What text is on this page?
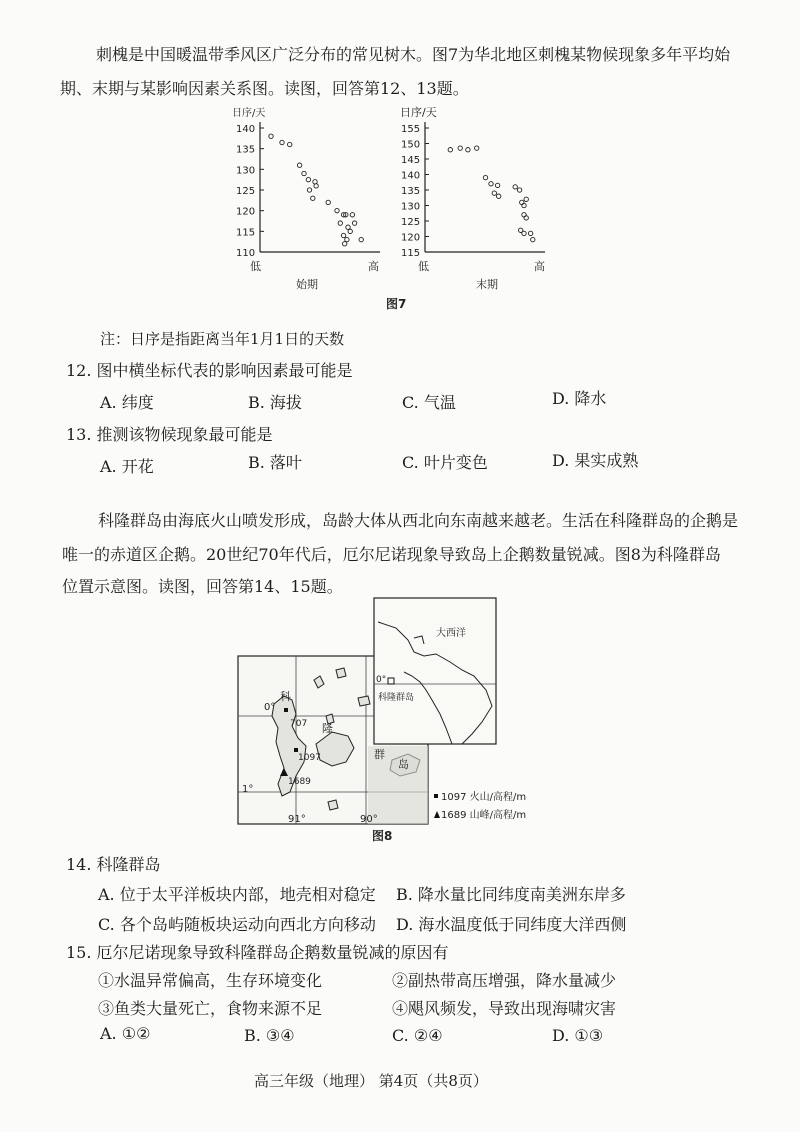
刺槐是中国暖温带季风区广泛分布的常见树木。图7为华北地区刺槐某物候现象多年平均始
期、末期与某影响因素关系图。读图，回答第12、13题。
日序/天
140
135
130
125
120
115
110
低	高
始期
日序/天
155
150
145
140
135
130
125
120
115
低	高
末期
图7
注：日序是指距离当年1月1日的天数
12. 图中横坐标代表的影响因素最可能是
A. 纬度	B. 海拔	C. 气温	D. 降水
13. 推测该物候现象最可能是
A. 开花	B. 落叶	C. 叶片变色	D. 果实成熟
科隆群岛由海底火山喷发形成，岛龄大体从西北向东南越来越老。生活在科隆群岛的企鹅是
唯一的赤道区企鹅。20世纪70年代后，厄尔尼诺现象导致岛上企鹅数量锐减。图8为科隆群岛
位置示意图。读图，回答第14、15题。
0°
1°
91°	90°
科
隆
群
岛
707
1097
1689
1097 火山/高程/m
1689 山峰/高程/m
大西洋
0°
科隆群岛
图8
14. 科隆群岛
A. 位于太平洋板块内部，地壳相对稳定 B. 降水量比同纬度南美洲东岸多
C. 各个岛屿随板块运动向西北方向移动 D. 海水温度低于同纬度大洋西侧
15. 厄尔尼诺现象导致科隆群岛企鹅数量锐减的原因有
①水温异常偏高，生存环境变化	②副热带高压增强，降水量减少
③鱼类大量死亡，食物来源不足	④飓风频发，导致出现海啸灾害
A. ①②	B. ③④	C. ②④	D. ①③
高三年级（地理） 第4页（共8页）
